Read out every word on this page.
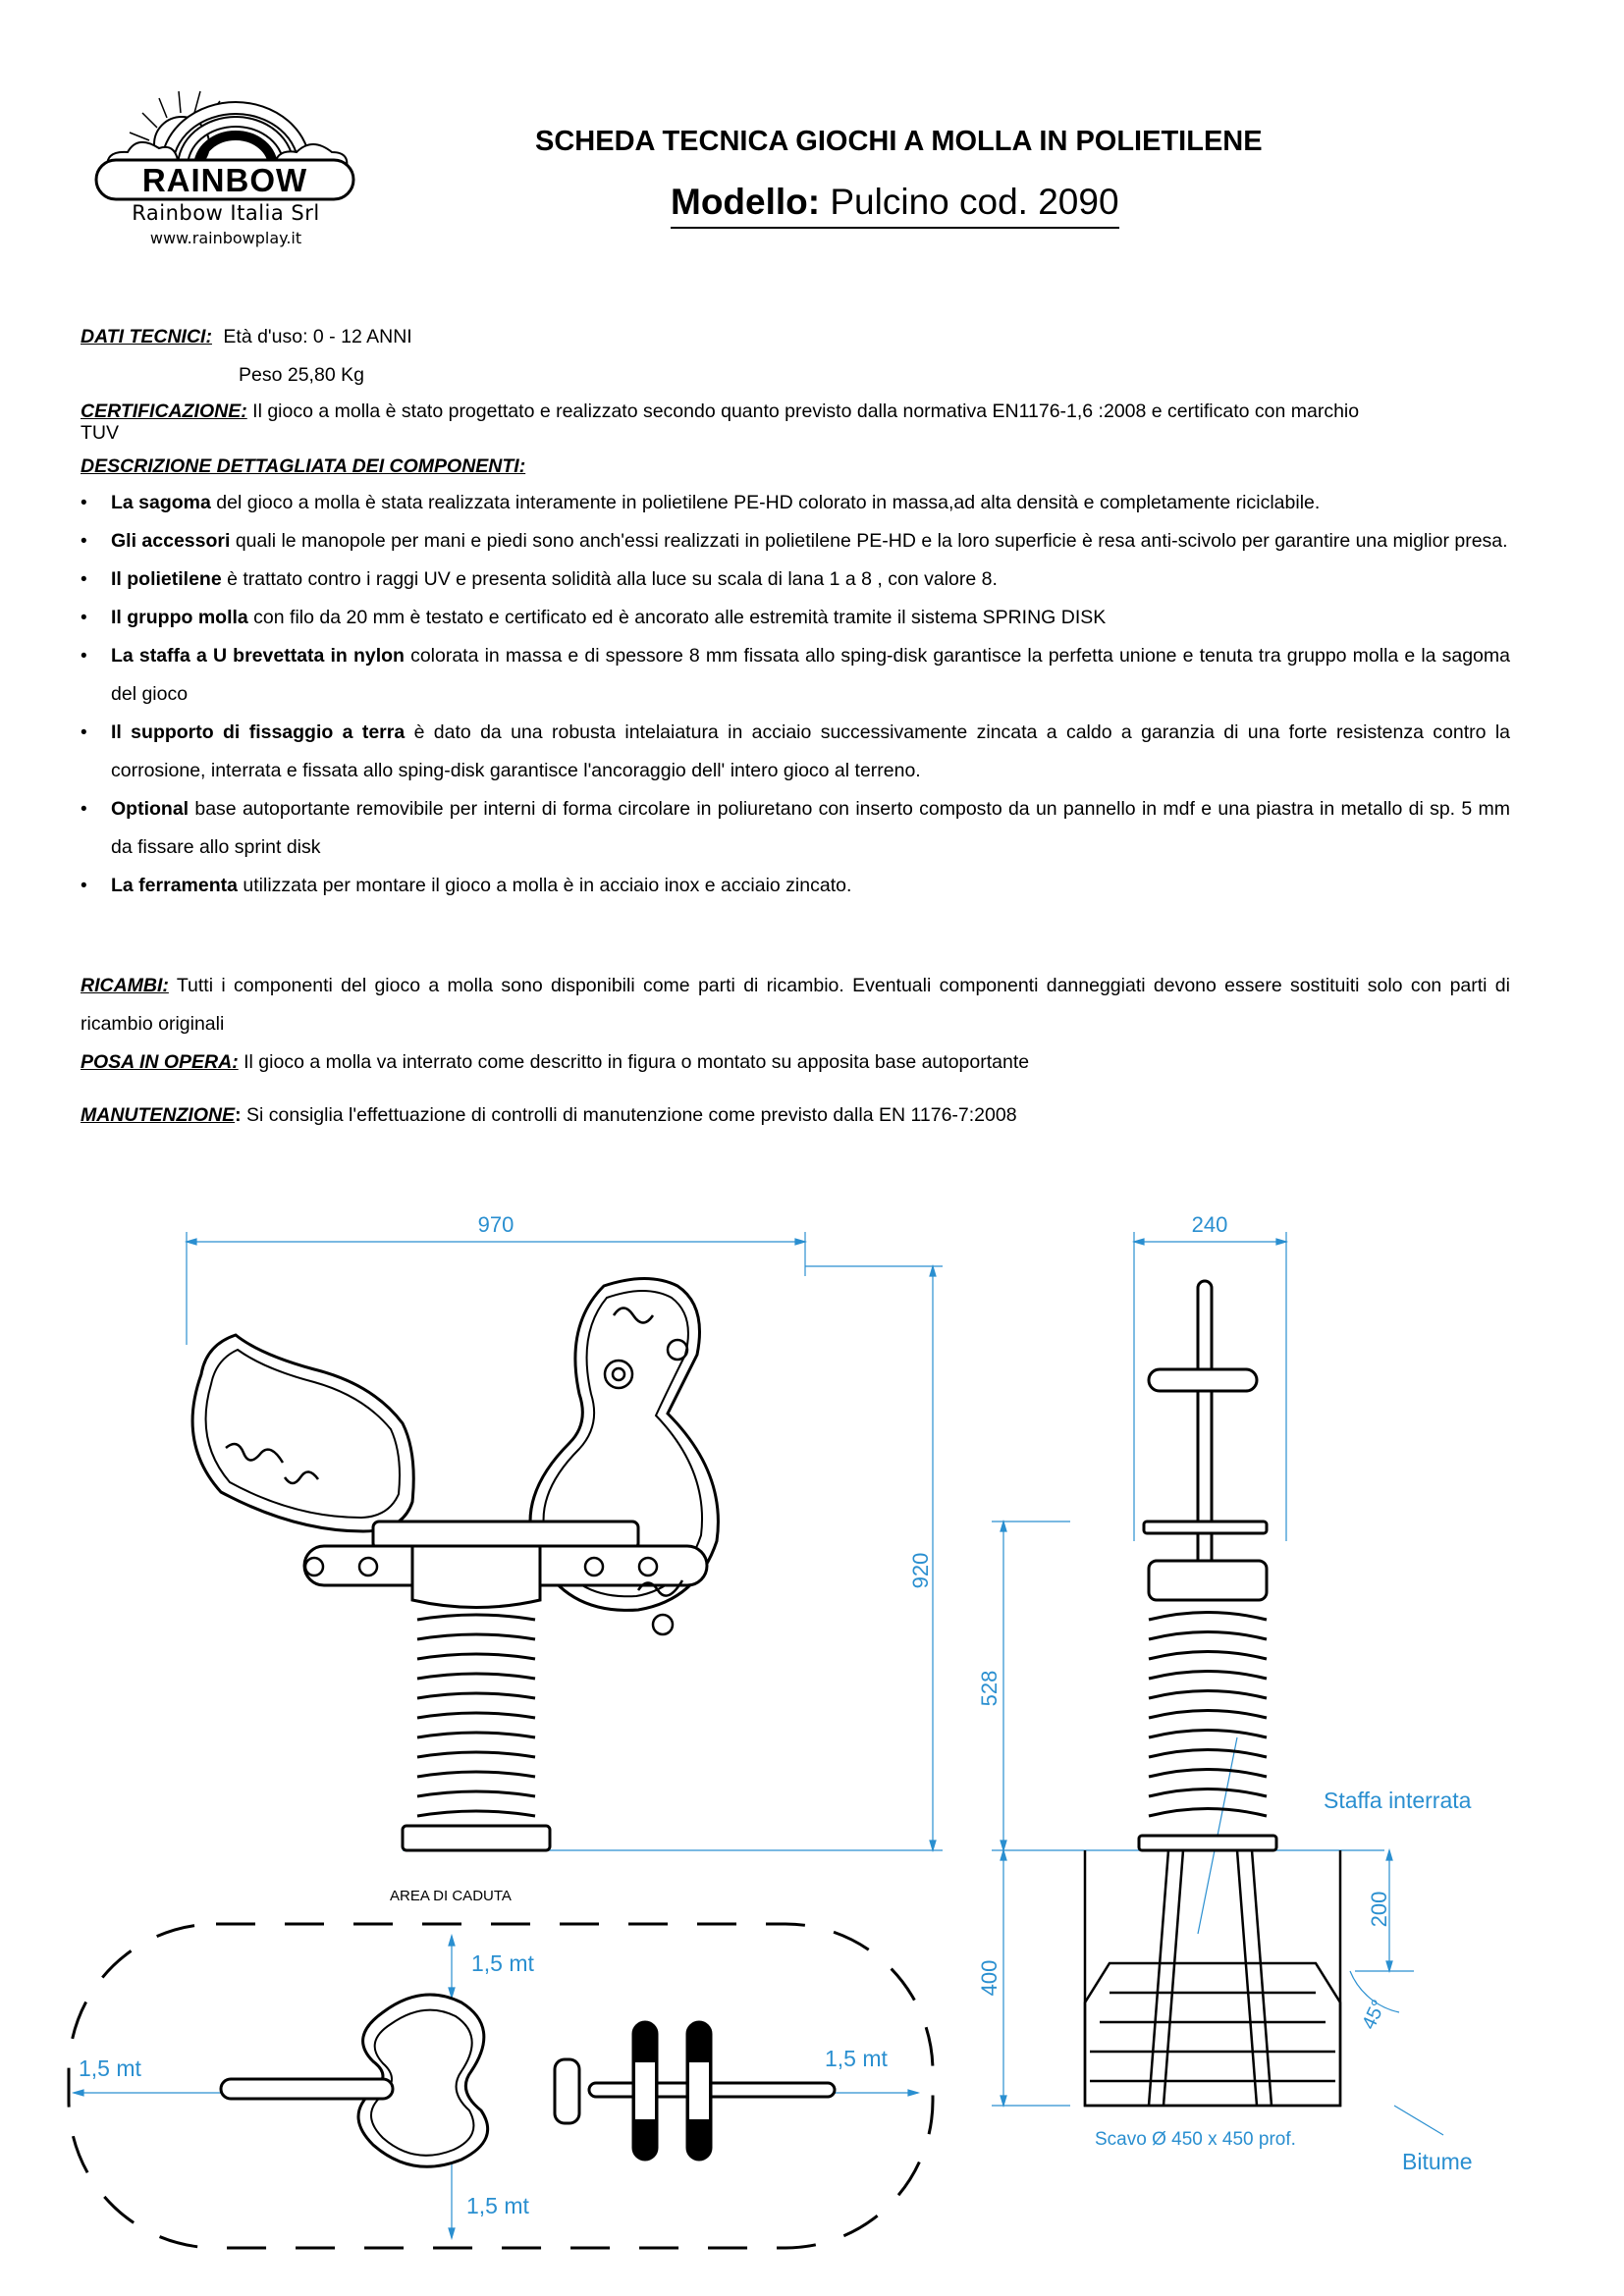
RAINBOW
Rainbow Italia Srl
www.rainbowplay.it
SCHEDA TECNICA GIOCHI A MOLLA IN POLIETILENE
Modello: Pulcino cod. 2090
DATI TECNICI: Età d'uso: 0 - 12 ANNI
Peso 25,80 Kg
CERTIFICAZIONE: Il gioco a molla è stato progettato e realizzato secondo quanto previsto dalla normativa EN1176-1,6 :2008 e certificato con marchio
TUV
DESCRIZIONE DETTAGLIATA DEI COMPONENTI:
• La sagoma del gioco a molla è stata realizzata interamente in polietilene PE-HD colorato in massa,ad alta densità e completamente riciclabile.
• Gli accessori quali le manopole per mani e piedi sono anch'essi realizzati in polietilene PE-HD e la loro superficie è resa anti-scivolo per garantire una miglior presa.
• Il polietilene è trattato contro i raggi UV e presenta solidità alla luce su scala di lana 1 a 8 , con valore 8.
• Il gruppo molla con filo da 20 mm è testato e certificato ed è ancorato alle estremità tramite il sistema SPRING DISK
• La staffa a U brevettata in nylon colorata in massa e di spessore 8 mm fissata allo sping-disk garantisce la perfetta unione e tenuta tra gruppo molla e la sagoma del gioco
• Il supporto di fissaggio a terra è dato da una robusta intelaiatura in acciaio successivamente zincata a caldo a garanzia di una forte resistenza contro la corrosione, interrata e fissata allo sping-disk garantisce l'ancoraggio dell' intero gioco al terreno.
• Optional base autoportante removibile per interni di forma circolare in poliuretano con inserto composto da un pannello in mdf e una piastra in metallo di sp. 5 mm da fissare allo sprint disk
• La ferramenta utilizzata per montare il gioco a molla è in acciaio inox e acciaio zincato.
RICAMBI: Tutti i componenti del gioco a molla sono disponibili come parti di ricambio. Eventuali componenti danneggiati devono essere sostituiti solo con parti di ricambio originali
POSA IN OPERA: Il gioco a molla va interrato come descritto in figura o montato su apposita base autoportante
MANUTENZIONE: Si consiglia l'effettuazione di controlli di manutenzione come previsto dalla EN 1176-7:2008
970
920
240
528
400
200
45°
Staffa interrata
Scavo Ø 450 x 450 prof.
Bitume
AREA DI CADUTA
1,5 mt
1,5 mt	1,5 mt
1,5 mt
